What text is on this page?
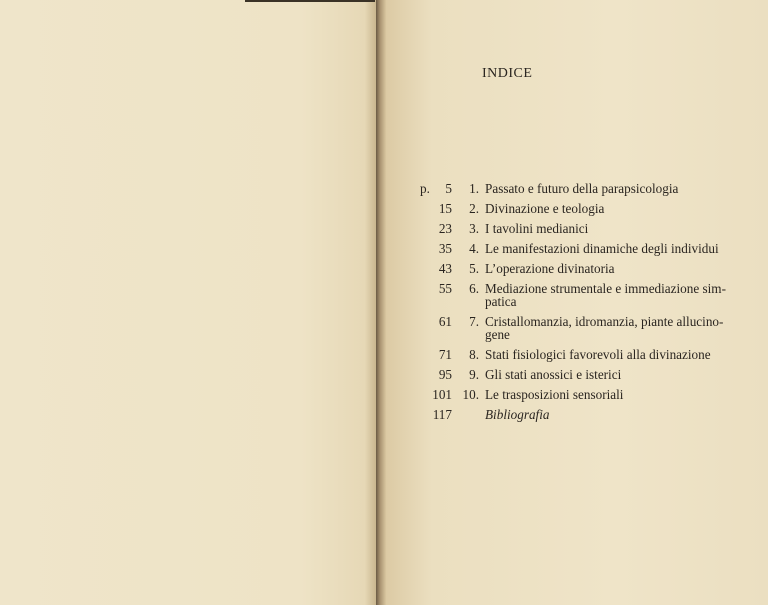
INDICE
p.	5	1. Passato e futuro della parapsicologia
15	2. Divinazione e teologia
23	3. I tavolini medianici
35	4. Le manifestazioni dinamiche degli individui
43	5. L’operazione divinatoria
55	6. Mediazione strumentale e immediazione sim-
patica
61	7. Cristallomanzia, idromanzia, piante allucino-
gene
71	8. Stati fisiologici favorevoli alla divinazione
95	9. Gli stati anossici e isterici
101 10. Le trasposizioni sensoriali
117	Bibliografia
